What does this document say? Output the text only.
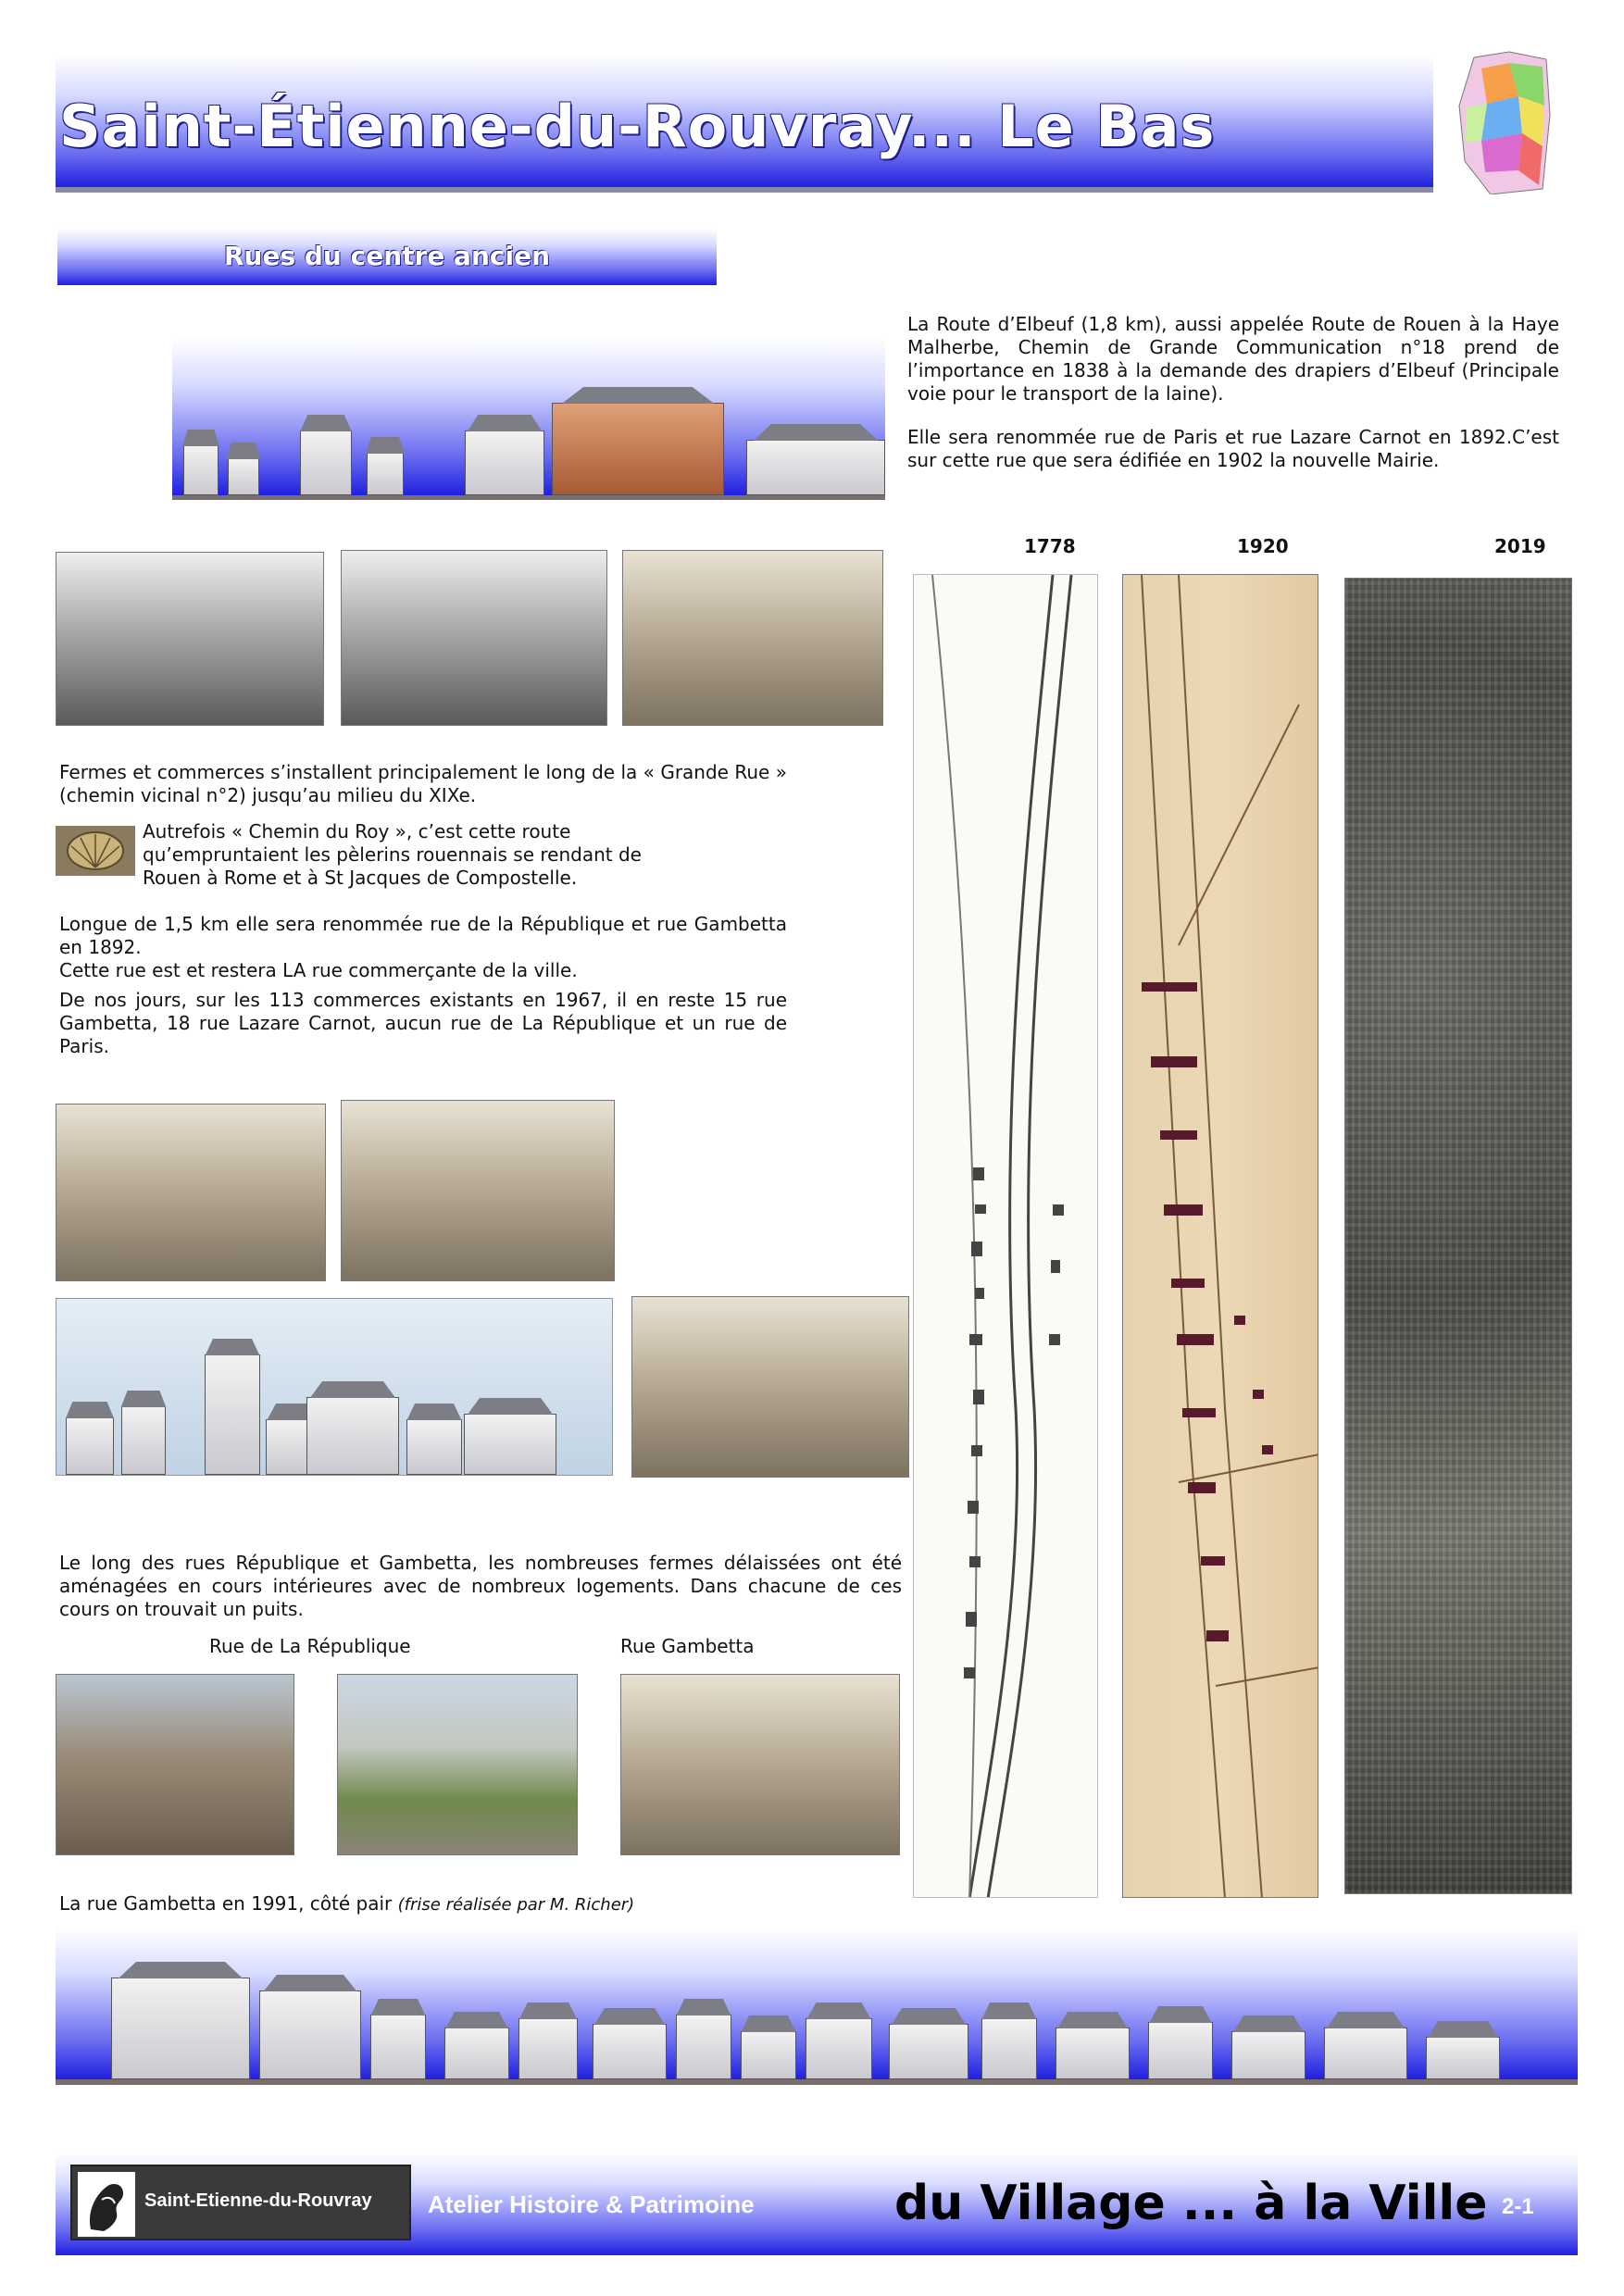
Saint-Étienne-du-Rouvray... Le Bas
Rues du centre ancien
La Route d’Elbeuf (1,8 km), aussi appelée Route de Rouen à la Haye Malherbe, Chemin de Grande Communication n°18 prend de l’importance en 1838 à la demande des drapiers d’Elbeuf (Principale voie pour le transport de la laine).
Elle sera renommée rue de Paris et rue Lazare Carnot en 1892.C’est sur cette rue que sera édifiée en 1902 la nouvelle Mairie.
1778	1920	2019
Fermes et commerces s’installent principalement le long de la « Grande Rue » (chemin vicinal n°2) jusqu’au milieu du XIXe.
Autrefois « Chemin du Roy », c’est cette route qu’empruntaient les pèlerins rouennais se rendant de Rouen à Rome et à St Jacques de Compostelle.
Longue de 1,5 km elle sera renommée rue de la République et rue Gambetta en 1892.
Cette rue est et restera LA rue commerçante de la ville.
De nos jours, sur les 113 commerces existants en 1967, il en reste 15 rue Gambetta, 18 rue Lazare Carnot, aucun rue de La République et un rue de Paris.
Le long des rues République et Gambetta, les nombreuses fermes délaissées ont été aménagées en cours intérieures avec de nombreux logements. Dans chacune de ces cours on trouvait un puits.
Rue de La République	Rue Gambetta
La rue Gambetta en 1991, côté pair (frise réalisée par M. Richer)
Saint-Etienne-du-Rouvray Atelier Histoire & Patrimoine	du Village ... à la Ville 2-1
